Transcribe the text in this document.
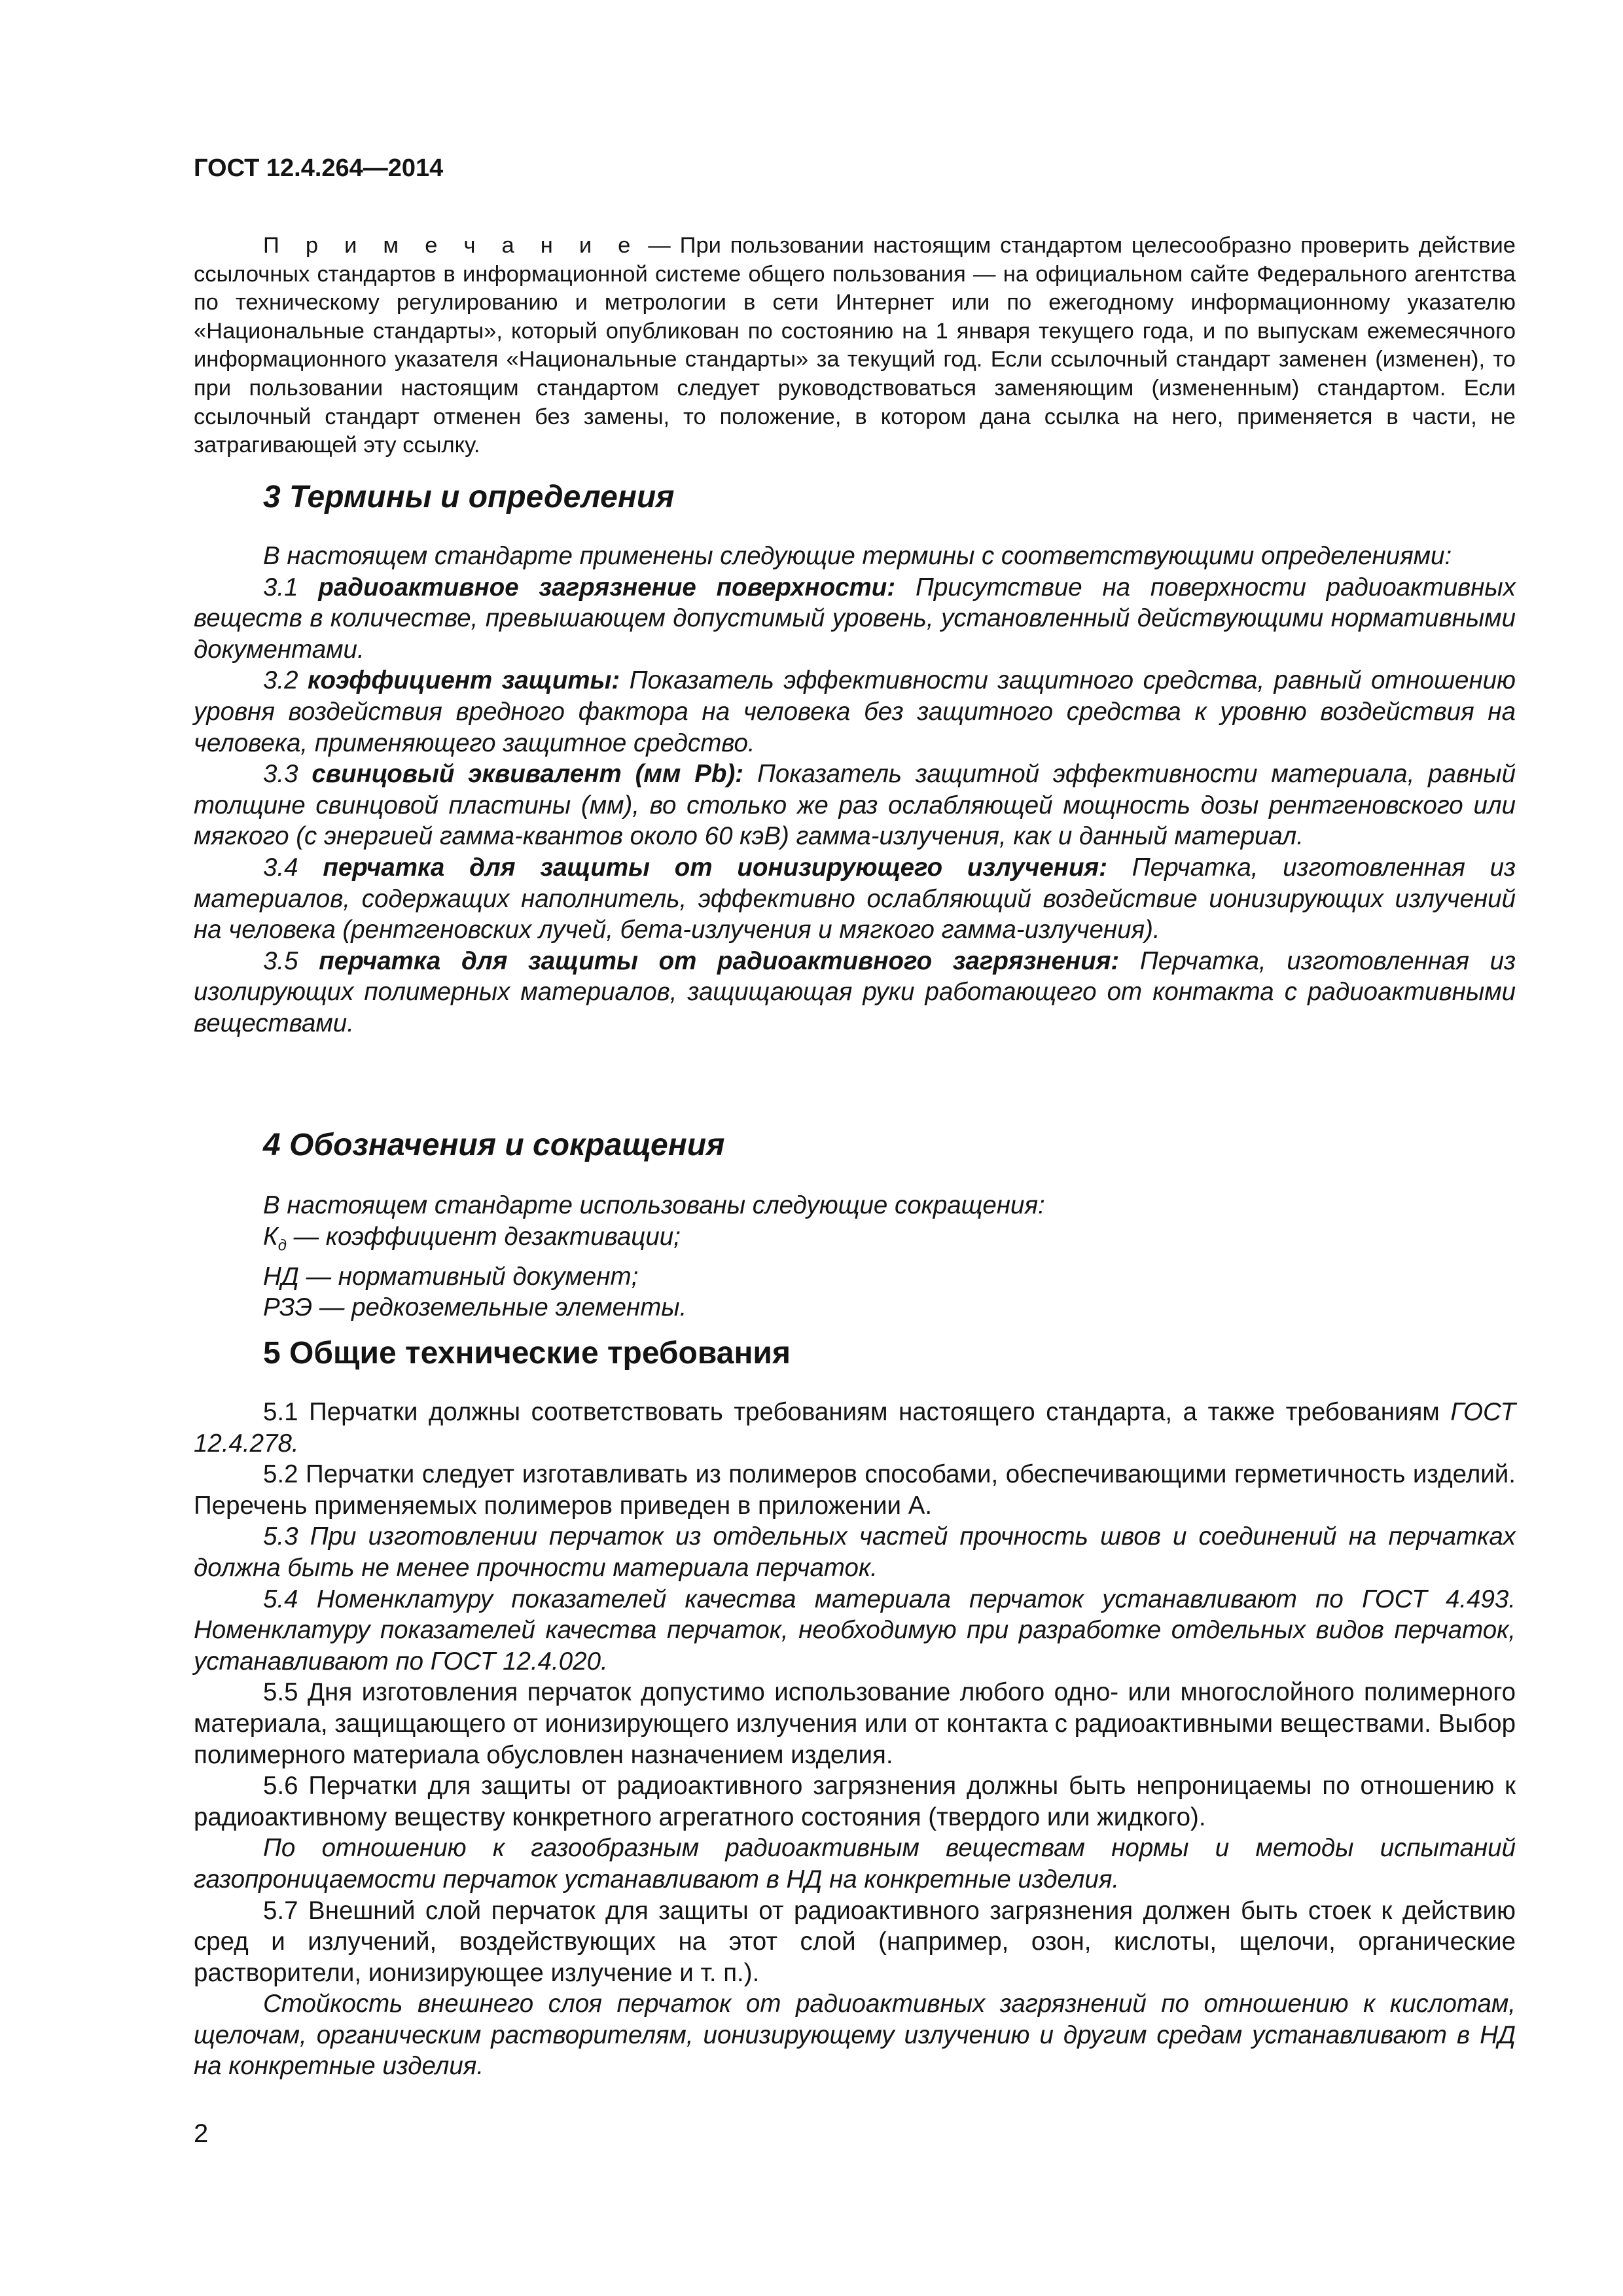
ГОСТ 12.4.264—2014

П р и м е ч а н и е — При пользовании настоящим стандартом целесообразно проверить действие ссылочных стандартов в информационной системе общего пользования — на официальном сайте Федерального агентства по техническому регулированию и метрологии в сети Интернет или по ежегодному информационному указателю «Национальные стандарты», который опубликован по состоянию на 1 января текущего года, и по выпускам ежемесячного информационного указателя «Национальные стандарты» за текущий год. Если ссылочный стандарт заменен (изменен), то при пользовании настоящим стандартом следует руководствоваться заменяющим (измененным) стандартом. Если ссылочный стандарт отменен без замены, то положение, в котором дана ссылка на него, применяется в части, не затрагивающей эту ссылку.

3 Термины и определения

В настоящем стандарте применены следующие термины с соответствующими определениями:

3.1 радиоактивное загрязнение поверхности: Присутствие на поверхности радиоактивных веществ в количестве, превышающем допустимый уровень, установленный действующими нормативными документами.

3.2 коэффициент защиты: Показатель эффективности защитного средства, равный отношению уровня воздействия вредного фактора на человека без защитного средства к уровню воздействия на человека, применяющего защитное средство.

3.3 свинцовый эквивалент (мм Pb): Показатель защитной эффективности материала, равный толщине свинцовой пластины (мм), во столько же раз ослабляющей мощность дозы рентгеновского или мягкого (с энергией гамма-квантов около 60 кэВ) гамма-излучения, как и данный материал.

3.4 перчатка для защиты от ионизирующего излучения: Перчатка, изготовленная из материалов, содержащих наполнитель, эффективно ослабляющий воздействие ионизирующих излучений на человека (рентгеновских лучей, бета-излучения и мягкого гамма-излучения).

3.5 перчатка для защиты от радиоактивного загрязнения: Перчатка, изготовленная из изолирующих полимерных материалов, защищающая руки работающего от контакта с радиоактивными веществами.

4 Обозначения и сокращения

В настоящем стандарте использованы следующие сокращения:

$К_д$ — коэффициент дезактивации;

НД — нормативный документ;

РЗЭ — редкоземельные элементы.

5 Общие технические требования

5.1 Перчатки должны соответствовать требованиям настоящего стандарта, а также требованиям ГОСТ 12.4.278.

5.2 Перчатки следует изготавливать из полимеров способами, обеспечивающими герметичность изделий. Перечень применяемых полимеров приведен в приложении А.

5.3 При изготовлении перчаток из отдельных частей прочность швов и соединений на перчатках должна быть не менее прочности материала перчаток.

5.4 Номенклатуру показателей качества материала перчаток устанавливают по ГОСТ 4.493. Номенклатуру показателей качества перчаток, необходимую при разработке отдельных видов перчаток, устанавливают по ГОСТ 12.4.020.

5.5 Дня изготовления перчаток допустимо использование любого одно- или многослойного полимерного материала, защищающего от ионизирующего излучения или от контакта с радиоактивными веществами. Выбор полимерного материала обусловлен назначением изделия.

5.6 Перчатки для защиты от радиоактивного загрязнения должны быть непроницаемы по отношению к радиоактивному веществу конкретного агрегатного состояния (твердого или жидкого).

По отношению к газообразным радиоактивным веществам нормы и методы испытаний газопроницаемости перчаток устанавливают в НД на конкретные изделия.

5.7 Внешний слой перчаток для защиты от радиоактивного загрязнения должен быть стоек к действию сред и излучений, воздействующих на этот слой (например, озон, кислоты, щелочи, органические растворители, ионизирующее излучение и т. п.).

Стойкость внешнего слоя перчаток от радиоактивных загрязнений по отношению к кислотам, щелочам, органическим растворителям, ионизирующему излучению и другим средам устанавливают в НД на конкретные изделия.

2
